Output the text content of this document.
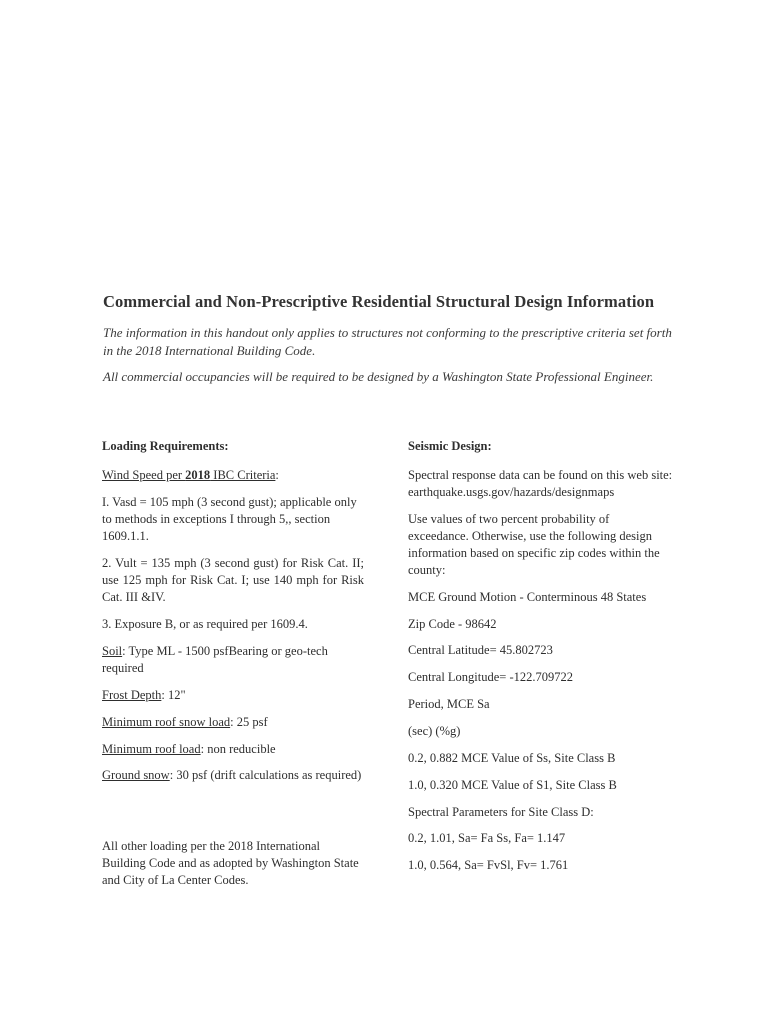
Commercial and Non-Prescriptive Residential Structural Design Information

The information in this handout only applies to structures not conforming to the prescriptive criteria set forth in the 2018 International Building Code.

All commercial occupancies will be required to be designed by a Washington State Professional Engineer.

Loading Requirements:

Wind Speed per 2018 IBC Criteria:

I. Vasd = 105 mph (3 second gust); applicable only to methods in exceptions I through 5,, section 1609.1.1.

2. Vult = 135 mph (3 second gust) for Risk Cat. II; use 125 mph for Risk Cat. I; use 140 mph for Risk Cat. III &IV.

3. Exposure B, or as required per 1609.4.

Soil: Type ML - 1500 psfBearing or geo-tech required

Frost Depth: 12"

Minimum roof snow load: 25 psf

Minimum roof load: non reducible

Ground snow: 30 psf (drift calculations as required)

All other loading per the 2018 International Building Code and as adopted by Washington State and City of La Center Codes.

Seismic Design:

Spectral response data can be found on this web site: earthquake.usgs.gov/hazards/designmaps

Use values of two percent probability of exceedance. Otherwise, use the following design information based on specific zip codes within the county:

MCE Ground Motion - Conterminous 48 States

Zip Code - 98642

Central Latitude= 45.802723

Central Longitude= -122.709722

Period, MCE Sa

(sec) (%g)

0.2, 0.882 MCE Value of Ss, Site Class B

1.0, 0.320 MCE Value of S1, Site Class B

Spectral Parameters for Site Class D:

0.2, 1.01, Sa= Fa Ss, Fa= 1.147

1.0, 0.564, Sa= FvSl, Fv= 1.761
